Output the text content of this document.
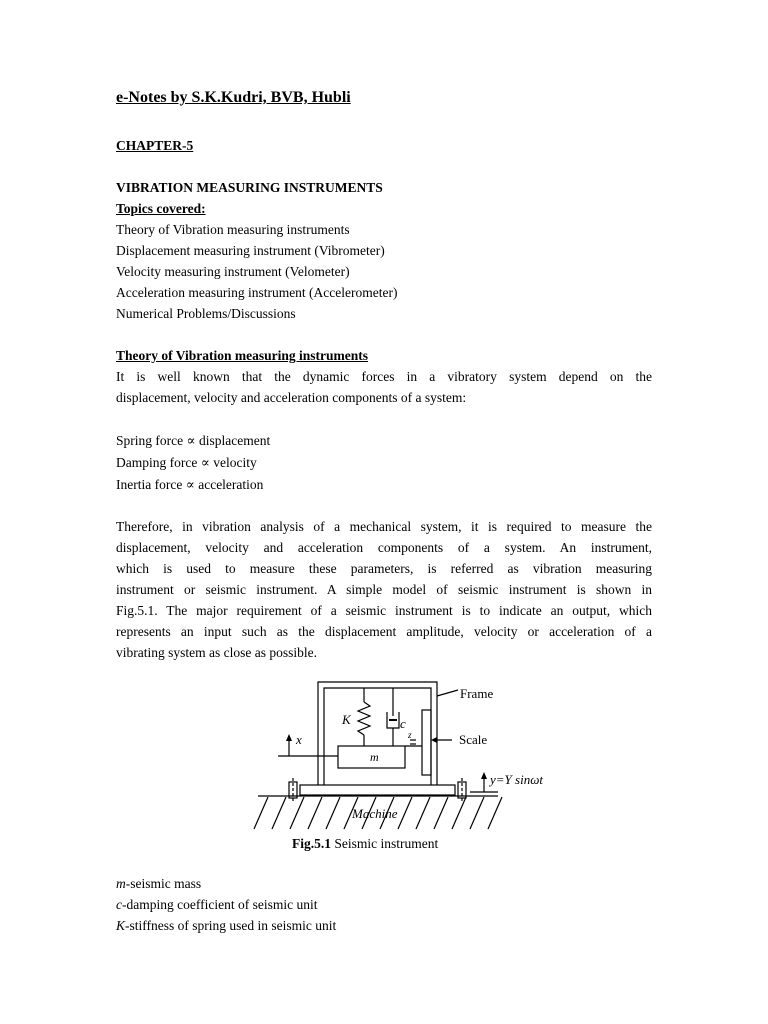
e-Notes by S.K.Kudri, BVB, Hubli
CHAPTER-5
VIBRATION MEASURING INSTRUMENTS
Topics covered:
Theory of Vibration measuring instruments
Displacement measuring instrument (Vibrometer)
Velocity measuring instrument (Velometer)
Acceleration measuring instrument (Accelerometer)
Numerical Problems/Discussions
Theory of Vibration measuring instruments
It is well known that the dynamic forces in a vibratory system depend on the
displacement, velocity and acceleration components of a system:
Spring force ∝ displacement
Damping force ∝ velocity
Inertia force ∝ acceleration
Therefore, in vibration analysis of a mechanical system, it is required to measure the
displacement, velocity and acceleration components of a system. An instrument,
which is used to measure these parameters, is referred as vibration measuring
instrument or seismic instrument. A simple model of seismic instrument is shown in
Fig.5.1. The major requirement of a seismic instrument is to indicate an output, which
represents an input such as the displacement amplitude, velocity or acceleration of a
vibrating system as close as possible.
m-seismic mass
c-damping coefficient of seismic unit
K-stiffness of spring used in seismic unit
Frame
Scale
K	c
m
x	z
y=Y sinωt
Machine
Fig.5.1 Seismic instrument
